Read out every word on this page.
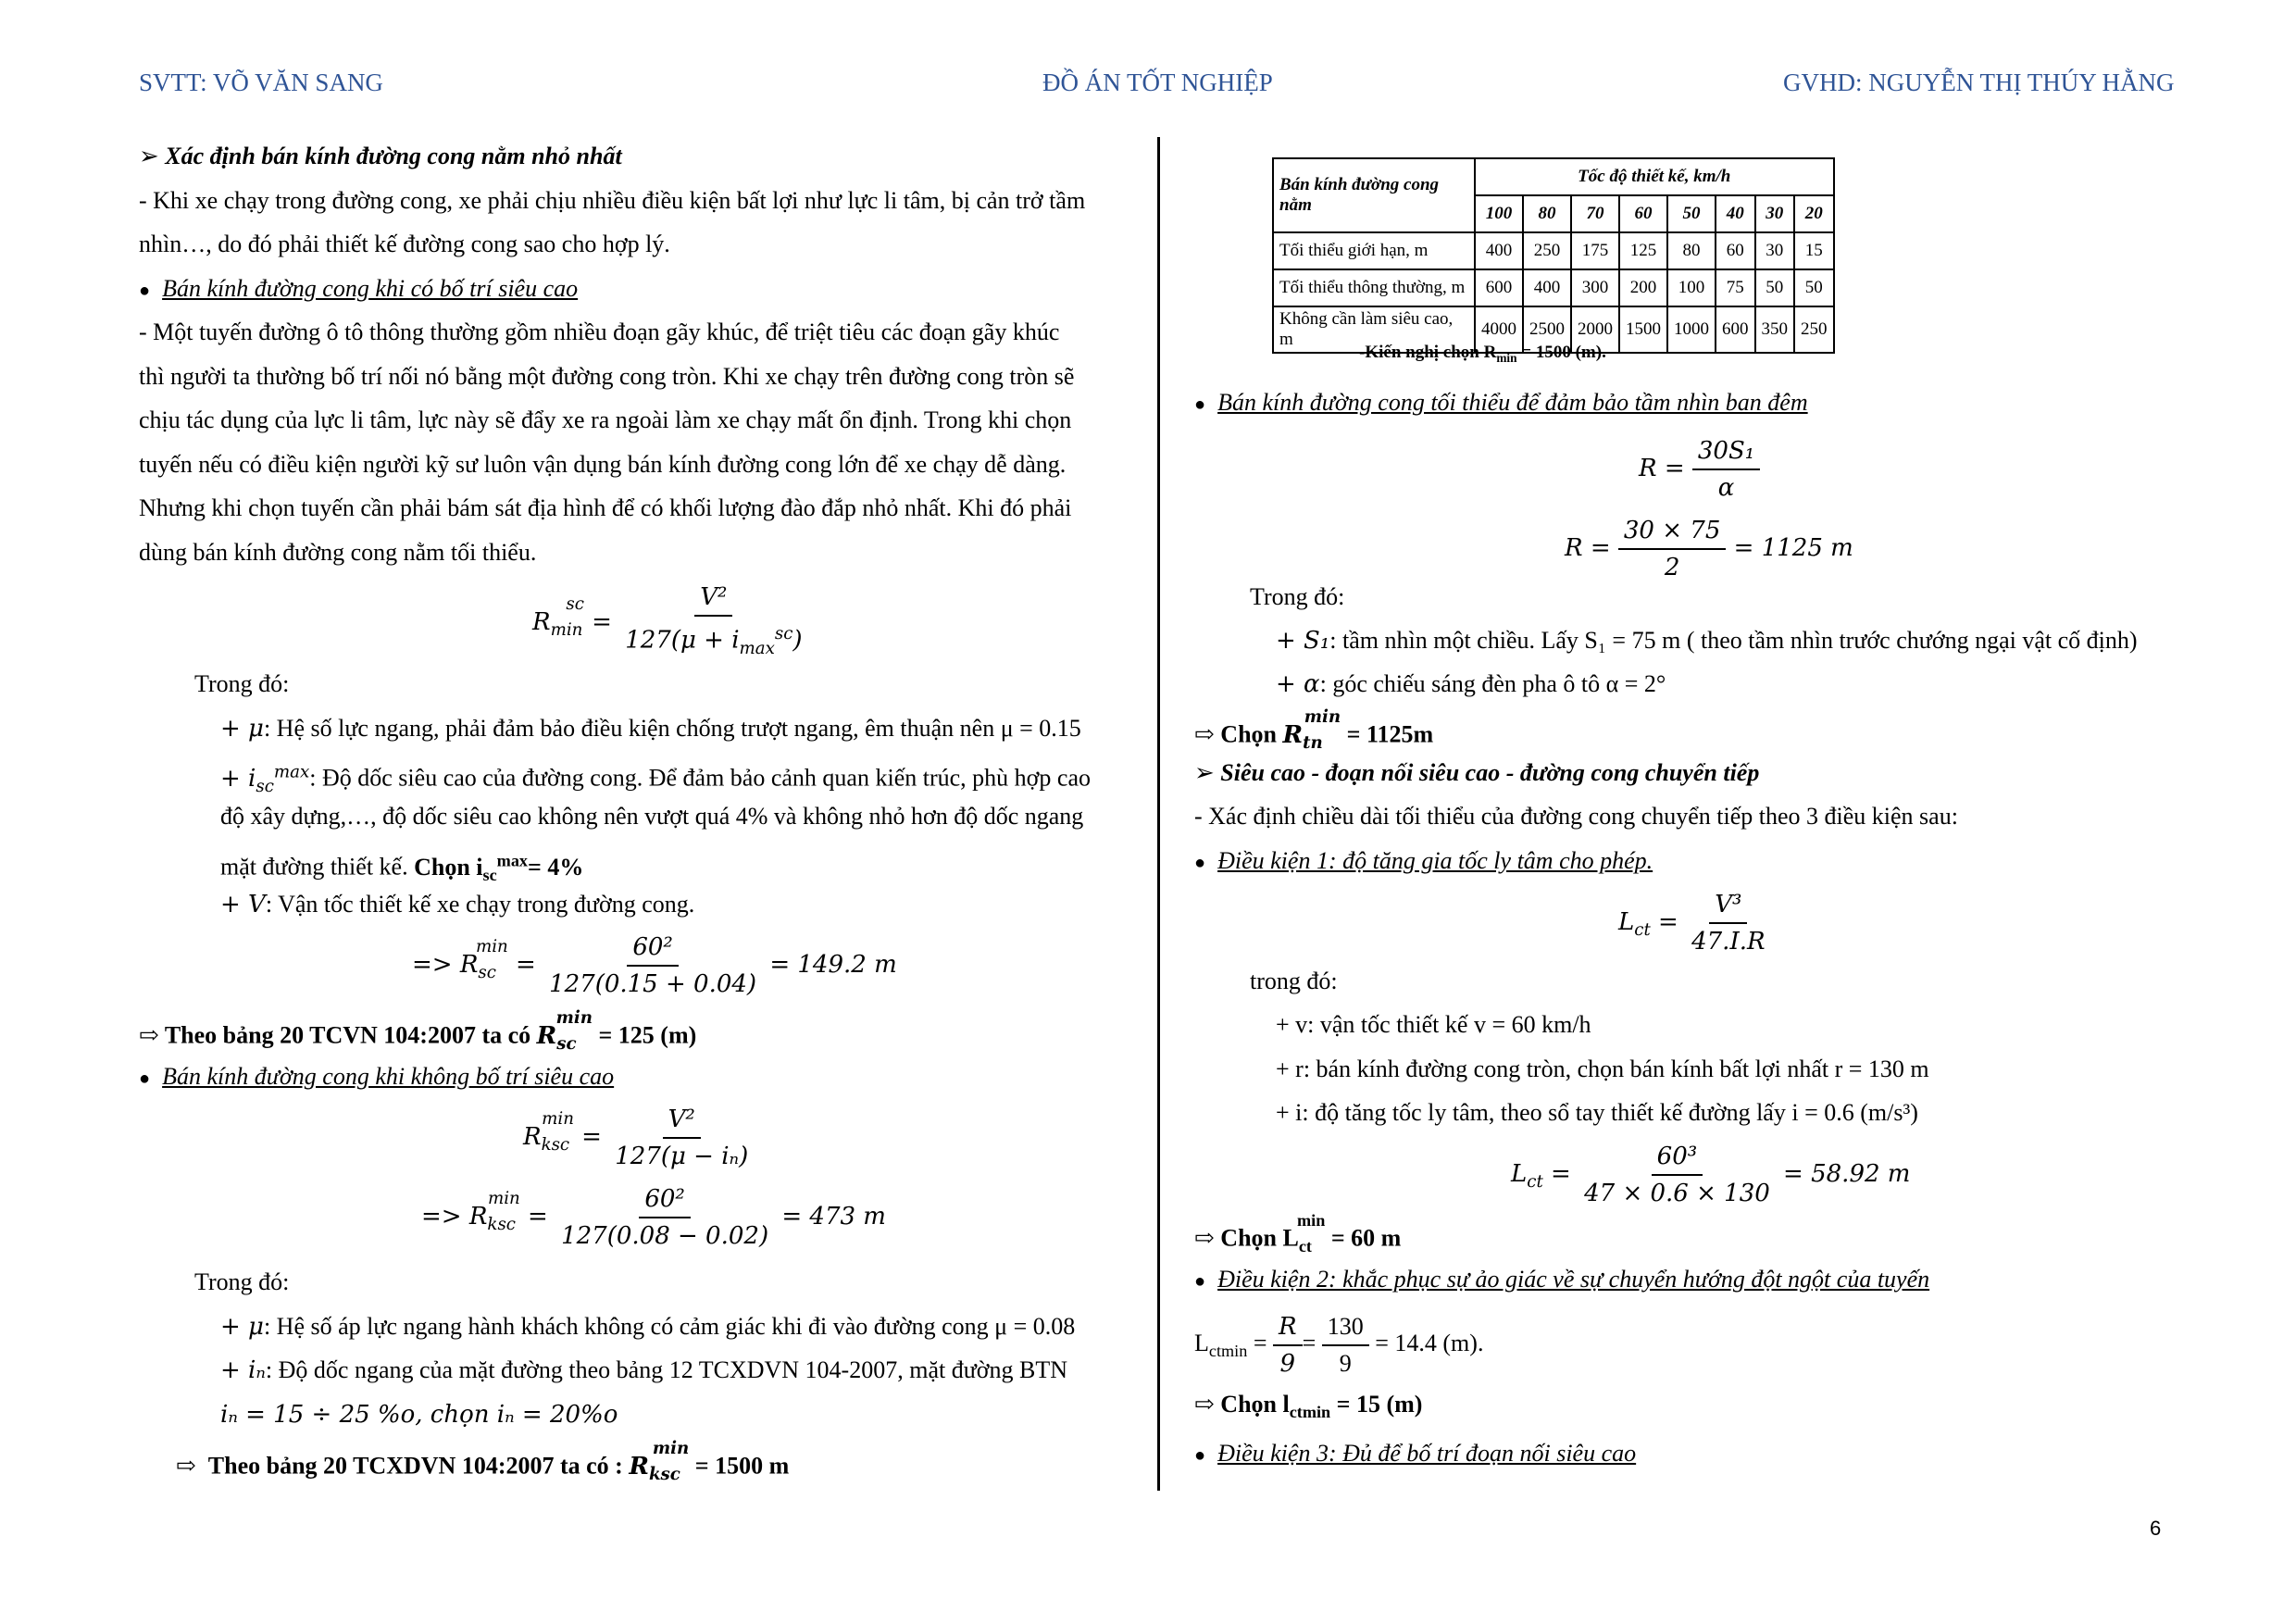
SVTT: VÕ VĂN SANG	ĐỒ ÁN TỐT NGHIỆP	GVHD: NGUYỄN THỊ THÚY HẰNG
➢ Xác định bán kính đường cong nằm nhỏ nhất
- Khi xe chạy trong đường cong, xe phải chịu nhiều điều kiện bất lợi như lực li tâm, bị cản trở tầm
nhìn…, do đó phải thiết kế đường cong sao cho hợp lý.
● Bán kính đường cong khi có bố trí siêu cao
- Một tuyến đường ô tô thông thường gồm nhiều đoạn gãy khúc, để triệt tiêu các đoạn gãy khúc
thì người ta thường bố trí nối nó bằng một đường cong tròn. Khi xe chạy trên đường cong tròn sẽ
chịu tác dụng của lực li tâm, lực này sẽ đẩy xe ra ngoài làm xe chạy mất ổn định. Trong khi chọn
tuyến nếu có điều kiện người kỹ sư luôn vận dụng bán kính đường cong lớn để xe chạy dễ dàng.
Nhưng khi chọn tuyến cần phải bám sát địa hình để có khối lượng đào đắp nhỏ nhất. Khi đó phải
dùng bán kính đường cong nằm tối thiểu.
$R_{min}^{sc} = \frac{\text{V²}}{127(\mu + i_{max}^{sc})}$
Trong đó:
+ μ: Hệ số lực ngang, phải đảm bảo điều kiện chống trượt ngang, êm thuận nên μ = 0.15
+ $i_{sc}^{max}$: Độ dốc siêu cao của đường cong. Để đảm bảo cảnh quan kiến trúc, phù hợp cao
độ xây dựng,…, độ dốc siêu cao không nên vượt quá 4% và không nhỏ hơn độ dốc ngang
mặt đường thiết kế. Chọn $i_{sc}^{max}= 4\%$
+ V: Vận tốc thiết kế xe chạy trong đường cong.
=> $R_{sc}^{min} = \frac{\text{60²}}{127(0.15 + 0.04)} = 149.2$ m
⇨ Theo bảng 20 TCVN 104:2007 ta có $R_{sc}^{min} = 125$ (m)
● Bán kính đường cong khi không bố trí siêu cao
$R_{ksc}^{min} = \frac{\text{V²}}{\text{127(μ − iₙ)}}$
=> $R_{ksc}^{min} = \frac{\text{60²}}{127(0.08 - 0.02)} = 473$ m
Trong đó:
+ μ: Hệ số áp lực ngang hành khách không có cảm giác khi đi vào đường cong μ = 0.08
+ iₙ: Độ dốc ngang của mặt đường theo bảng 12 TCXDVN 104-2007, mặt đường BTN
iₙ = 15 ÷ 25 %o, chọn iₙ = 20%o
⇨ Theo bảng 20 TCXDVN 104:2007 ta có : $R_{ksc}^{min} = 1500$ m
Bán kính đường cong nằm	Tốc độ thiết kế, km/h							
	100	80	70	60	50	40	30	20
Tối thiểu giới hạn, m	400	250	175	125	80	60	30	15
Tối thiểu thông thường, m	600	400	300	200	100	75	50	50
Không cần làm siêu cao, m	4000	2500	2000	1500	1000	600	350	250
-Kiến nghị chọn $R_{min} = 1500$ (m).
● Bán kính đường cong tối thiểu để đảm bảo tầm nhìn ban đêm
$R = \frac{\text{30S₁}}{\alpha}$
$R = \frac{30 \times 75}{2} = 1125$ m
Trong đó:
+ S₁: tầm nhìn một chiều. Lấy S₁ = 75 m ( theo tầm nhìn trước chướng ngại vật cố định)
+ α: góc chiếu sáng đèn pha ô tô α = 2°
⇨ Chọn $R_{tn}^{min} = 1125m$
➢ Siêu cao - đoạn nối siêu cao - đường cong chuyển tiếp
- Xác định chiều dài tối thiểu của đường cong chuyển tiếp theo 3 điều kiện sau:
● Điều kiện 1: độ tăng gia tốc ly tâm cho phép.
$L_{ct} = \frac{\text{V³}}{47.I.R}$
trong đó:
+ v: vận tốc thiết kế v = 60 km/h
+ r: bán kính đường cong tròn, chọn bán kính bất lợi nhất r = 130 m
+ i: độ tăng tốc ly tâm, theo sổ tay thiết kế đường lấy i = 0.6 (m/s³)
$L_{ct} = \frac{\text{60³}}{47 \times 0.6 \times 130} = 58.92$ m
⇨ Chọn $L_{ct}^{min} = 60$ m
● Điều kiện 2: khắc phục sự ảo giác về sự chuyển hướng đột ngột của tuyến
$L_{ctmin} = \frac{R}{9} = \frac{130}{9} = 14.4$ (m).
⇨ Chọn $l_{ctmin} = 15$ (m)
● Điều kiện 3: Đủ để bố trí đoạn nối siêu cao
6
